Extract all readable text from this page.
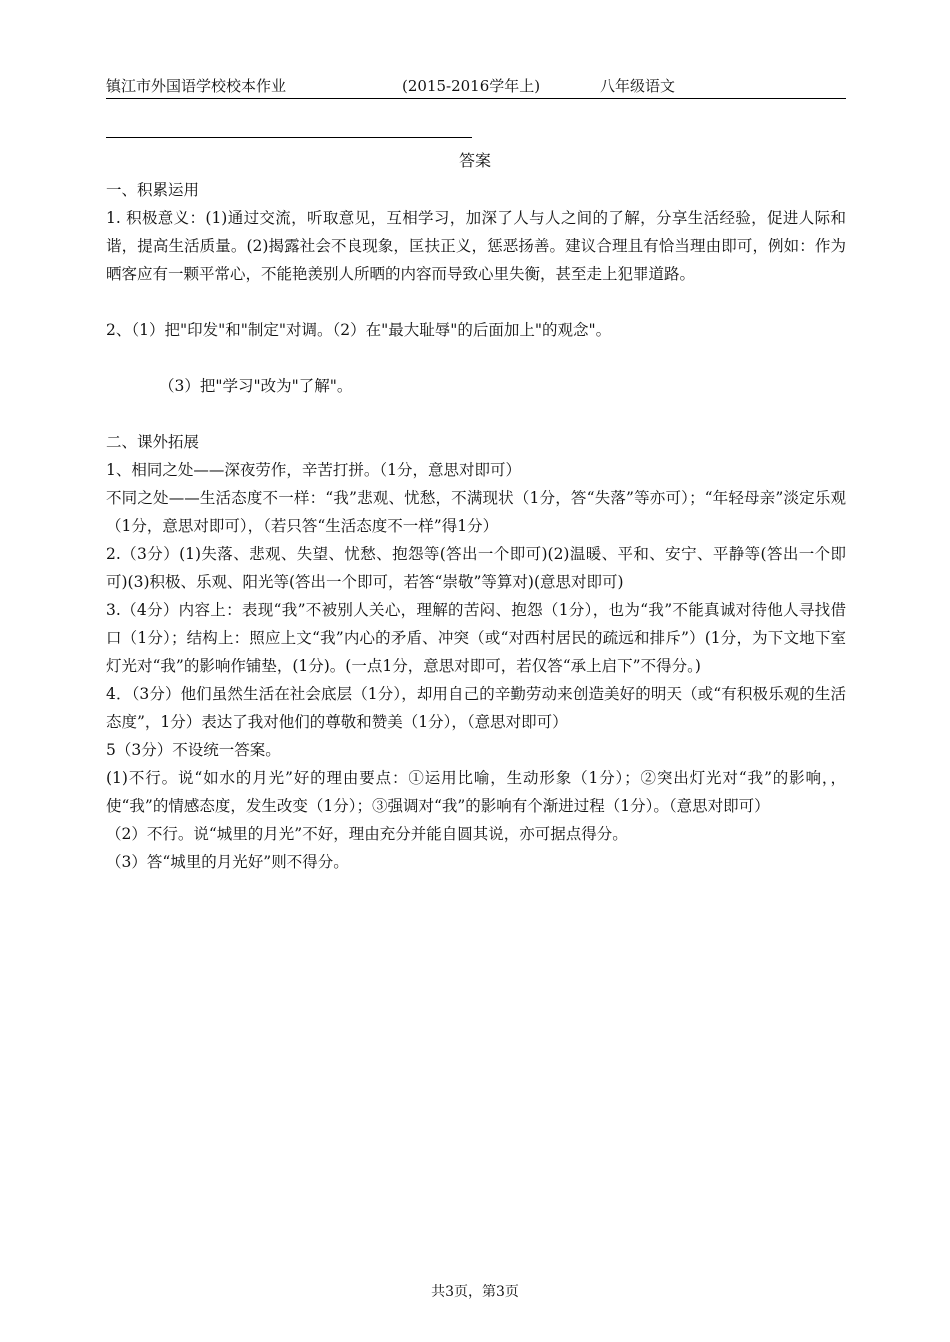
镇江市外国语学校校本作业	(2015-2016学年上)	八年级语文
答案

一、积累运用

1. 积极意义：(1)通过交流，听取意见，互相学习，加深了人与人之间的了解，分享生活经验，促进人际和谐，提高生活质量。(2)揭露社会不良现象，匡扶正义，惩恶扬善。建议合理且有恰当理由即可，例如：作为晒客应有一颗平常心，不能艳羡别人所晒的内容而导致心里失衡，甚至走上犯罪道路。

2、（1）把"印发"和"制定"对调。（2）在"最大耻辱"的后面加上"的观念"。

（3）把"学习"改为"了解"。

二、课外拓展

1、相同之处——深夜劳作，辛苦打拼。（1分，意思对即可）

不同之处——生活态度不一样：“我”悲观、忧愁，不满现状（1分，答“失落”等亦可）；“年轻母亲”淡定乐观（1分，意思对即可），（若只答“生活态度不一样”得1分）

2.（3分）(1)失落、悲观、失望、忧愁、抱怨等(答出一个即可)(2)温暖、平和、安宁、平静等(答出一个即可)(3)积极、乐观、阳光等(答出一个即可，若答“崇敬”等算对)(意思对即可)

3.（4分）内容上：表现“我”不被别人关心，理解的苦闷、抱怨（1分），也为“我”不能真诚对待他人寻找借口（1分）；结构上：照应上文“我”内心的矛盾、冲突（或“对西村居民的疏远和排斥”）(1分，为下文地下室灯光对“我”的影响作铺垫，(1分)。(一点1分，意思对即可，若仅答“承上启下”不得分。)

4．（3分）他们虽然生活在社会底层（1分），却用自己的辛勤劳动来创造美好的明天（或“有积极乐观的生活态度”，1分）表达了我对他们的尊敬和赞美（1分），（意思对即可）

5（3分）不设统一答案。

(1)不行。说“如水的月光”好的理由要点：①运用比喻，生动形象（1分）；②突出灯光对“我”的影响，，使“我”的情感态度，发生改变（1分）；③强调对“我”的影响有个渐进过程（1分）。（意思对即可）

（2）不行。说“城里的月光”不好，理由充分并能自圆其说，亦可据点得分。

（3）答“城里的月光好”则不得分。

共3页，第3页
